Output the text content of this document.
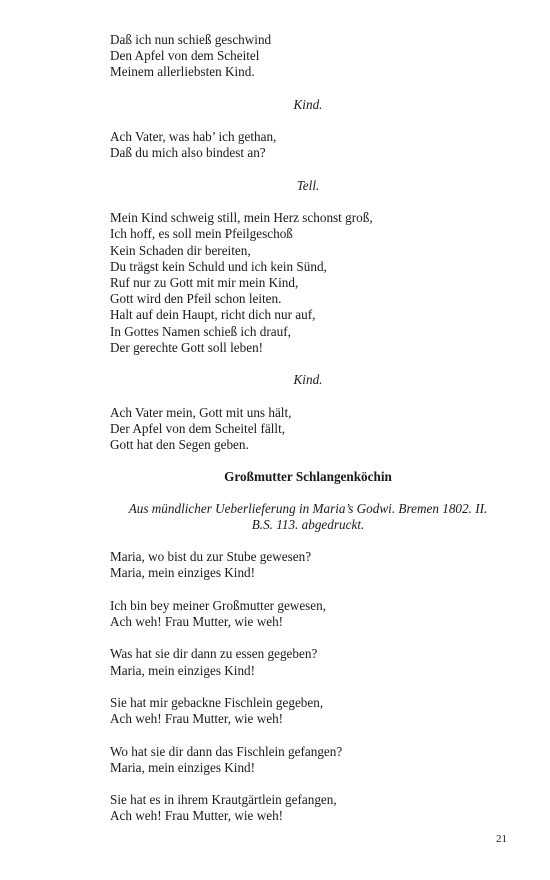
Daß ich nun schieß geschwind
Den Apfel von dem Scheitel
Meinem allerliebsten Kind.
Kind.
Ach Vater, was hab’ ich gethan,
Daß du mich also bindest an?
Tell.
Mein Kind schweig still, mein Herz schonst groß,
Ich hoff, es soll mein Pfeilgeschoß
Kein Schaden dir bereiten,
Du trägst kein Schuld und ich kein Sünd,
Ruf nur zu Gott mit mir mein Kind,
Gott wird den Pfeil schon leiten.
Halt auf dein Haupt, richt dich nur auf,
In Gottes Namen schieß ich drauf,
Der gerechte Gott soll leben!
Kind.
Ach Vater mein, Gott mit uns hält,
Der Apfel von dem Scheitel fällt,
Gott hat den Segen geben.
Großmutter Schlangenköchin
Aus mündlicher Ueberlieferung in Maria’s Godwi. Bremen 1802. II.
B.S. 113. abgedruckt.
Maria, wo bist du zur Stube gewesen?
Maria, mein einziges Kind!
Ich bin bey meiner Großmutter gewesen,
Ach weh! Frau Mutter, wie weh!
Was hat sie dir dann zu essen gegeben?
Maria, mein einziges Kind!
Sie hat mir gebackne Fischlein gegeben,
Ach weh! Frau Mutter, wie weh!
Wo hat sie dir dann das Fischlein gefangen?
Maria, mein einziges Kind!
Sie hat es in ihrem Krautgärtlein gefangen,
Ach weh! Frau Mutter, wie weh!
21
